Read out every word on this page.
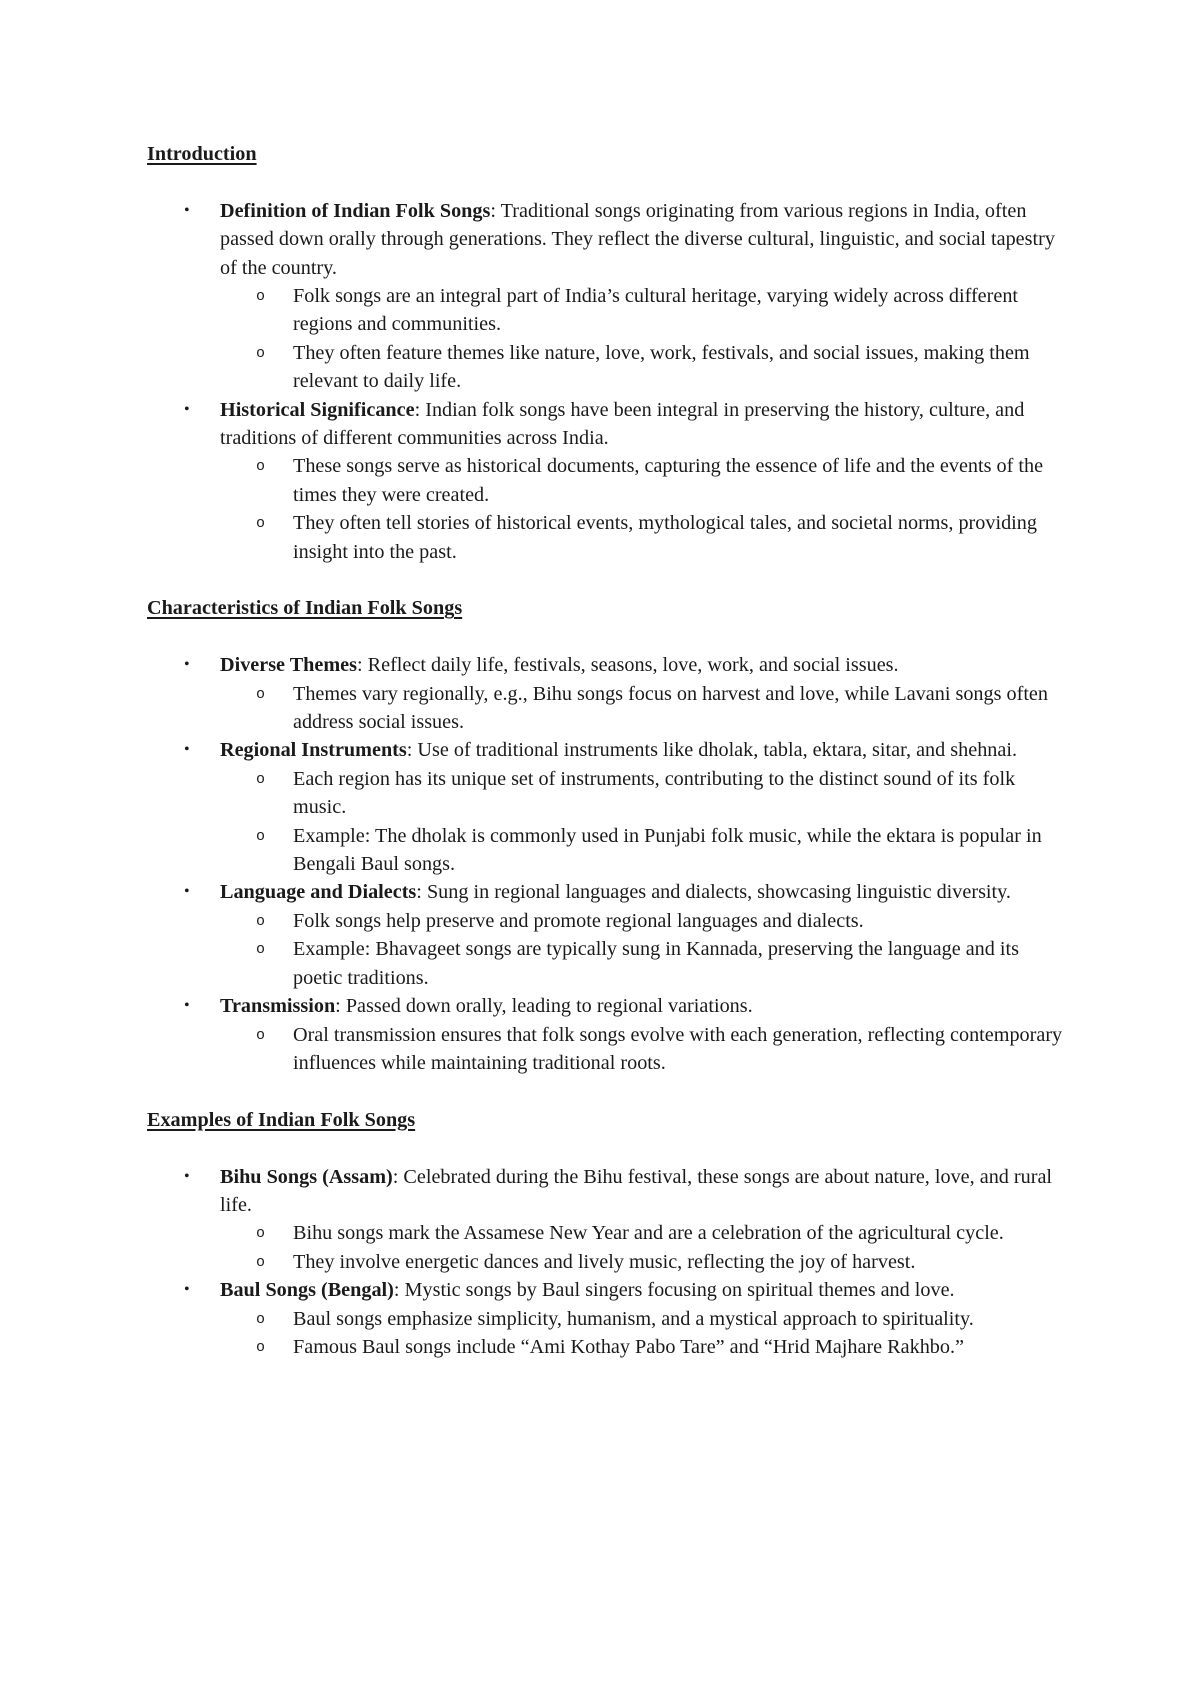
Introduction
• Definition of Indian Folk Songs: Traditional songs originating from various regions in India, often passed down orally through generations. They reflect the diverse cultural, linguistic, and social tapestry of the country.
o Folk songs are an integral part of India’s cultural heritage, varying widely across different regions and communities.
o They often feature themes like nature, love, work, festivals, and social issues, making them relevant to daily life.
• Historical Significance: Indian folk songs have been integral in preserving the history, culture, and traditions of different communities across India.
o These songs serve as historical documents, capturing the essence of life and the events of the times they were created.
o They often tell stories of historical events, mythological tales, and societal norms, providing insight into the past.
Characteristics of Indian Folk Songs
• Diverse Themes: Reflect daily life, festivals, seasons, love, work, and social issues.
o Themes vary regionally, e.g., Bihu songs focus on harvest and love, while Lavani songs often address social issues.
• Regional Instruments: Use of traditional instruments like dholak, tabla, ektara, sitar, and shehnai.
o Each region has its unique set of instruments, contributing to the distinct sound of its folk music.
o Example: The dholak is commonly used in Punjabi folk music, while the ektara is popular in Bengali Baul songs.
• Language and Dialects: Sung in regional languages and dialects, showcasing linguistic diversity.
o Folk songs help preserve and promote regional languages and dialects.
o Example: Bhavageet songs are typically sung in Kannada, preserving the language and its poetic traditions.
• Transmission: Passed down orally, leading to regional variations.
o Oral transmission ensures that folk songs evolve with each generation, reflecting contemporary influences while maintaining traditional roots.
Examples of Indian Folk Songs
• Bihu Songs (Assam): Celebrated during the Bihu festival, these songs are about nature, love, and rural life.
o Bihu songs mark the Assamese New Year and are a celebration of the agricultural cycle.
o They involve energetic dances and lively music, reflecting the joy of harvest.
• Baul Songs (Bengal): Mystic songs by Baul singers focusing on spiritual themes and love.
o Baul songs emphasize simplicity, humanism, and a mystical approach to spirituality.
o Famous Baul songs include “Ami Kothay Pabo Tare” and “Hrid Majhare Rakhbo.”
